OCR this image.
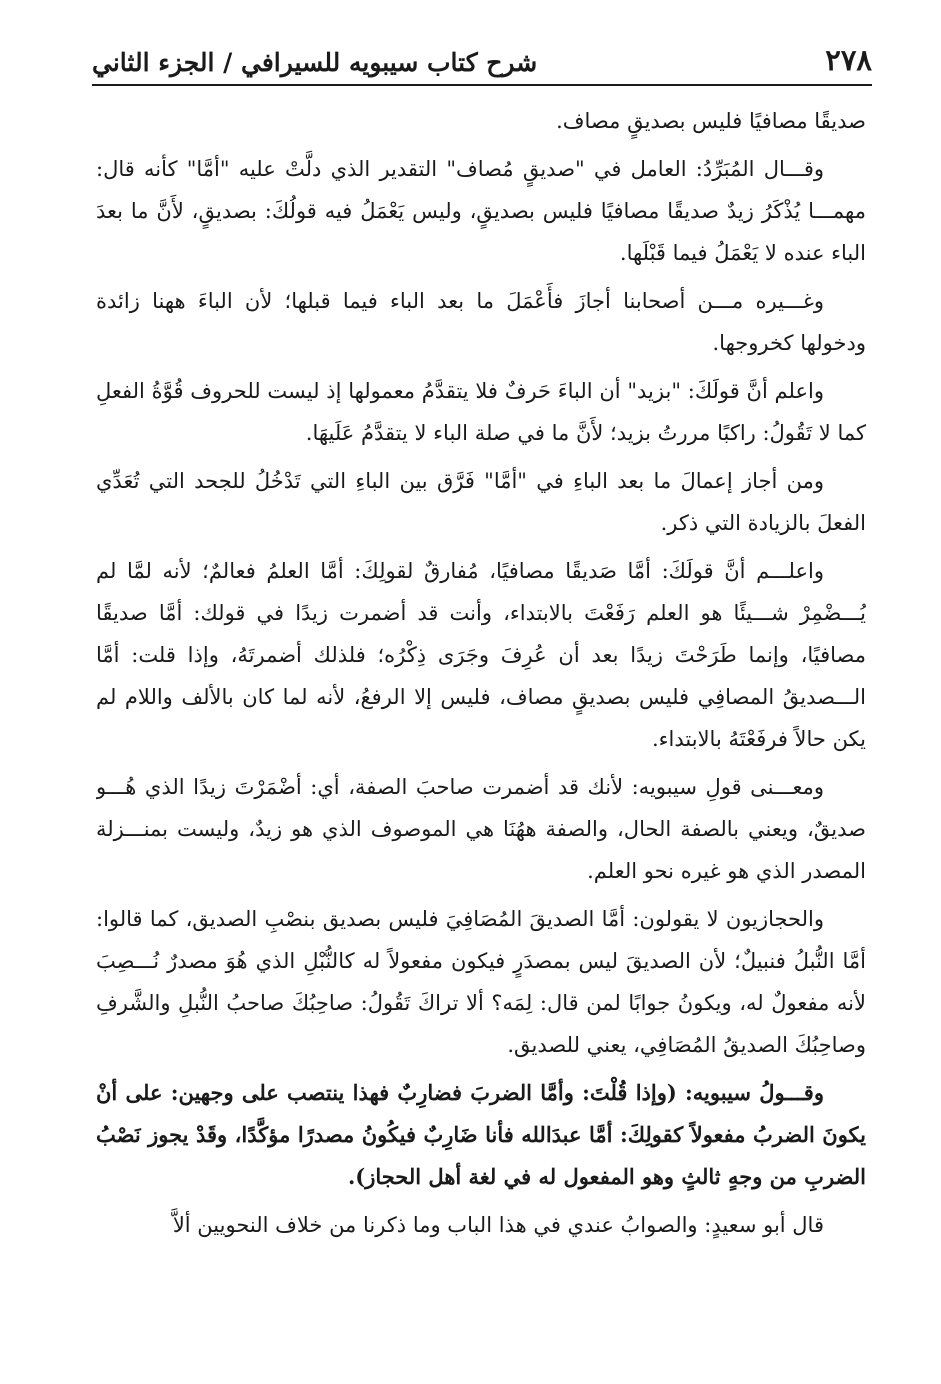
٢٧٨
شرح كتاب سيبويه للسيرافي / الجزء الثاني

صديقًا مصافيًا فليس بصديقٍ مصاف.

وقـــال المُبَرِّدُ: العامل في "صديقٍ مُصاف" التقدير الذي دلَّتْ عليه "أمَّا" كأنه قال: مهمـــا يُذْكَرُ زيدٌ صديقًا مصافيًا فليس بصديقٍ، وليس يَعْمَلُ فيه قولُكَ: بصديقٍ، لأَنَّ ما بعدَ الباء عنده لا يَعْمَلُ فيما قَبْلَها.

وغـــيره مـــن أصحابنا أجازَ فأَعْمَلَ ما بعد الباء فيما قبلها؛ لأن الباءَ ههنا زائدة ودخولها كخروجها.

واعلم أنَّ قولَكَ: "بزيد" أن الباءَ حَرفٌ فلا يتقدَّمُ معمولها إذ ليست للحروف قُوَّةُ الفعلِ كما لا تَقُولُ: راكبًا مررتُ بزيد؛ لأَنَّ ما في صلة الباء لا يتقدَّمُ عَلَيهَا.

ومن أجاز إعمالَ ما بعد الباءِ في "أمَّا" فَرَّق بين الباءِ التي تَدْخُلُ للجحد التي تُعَدِّي الفعلَ بالزيادة التي ذكر.

واعلـــم أنَّ قولَكَ: أمَّا صَديقًا مصافيًا، مُفارقٌ لقولِكَ: أمَّا العلمُ فعالمٌ؛ لأنه لمَّا لم يُـــضْمِرْ شـــيئًا هو العلم رَفَعْتَ بالابتداء، وأنت قد أضمرت زيدًا في قولك: أمَّا صديقًا مصافيًا، وإنما طَرَحْتَ زيدًا بعد أن عُرِفَ وجَرَى ذِكْرُه؛ فلذلك أضمرتَهُ، وإذا قلت: أمَّا الـــصديقُ المصافِي فليس بصديقٍ مصاف، فليس إلا الرفعُ، لأنه لما كان بالألف واللام لم يكن حالاً فرفَعْتَهُ بالابتداء.

ومعـــنى قولِ سيبويه: لأنك قد أضمرت صاحبَ الصفة، أي: أضْمَرْتَ زيدًا الذي هُـــو صديقٌ، ويعني بالصفة الحال، والصفة ههُنَا هي الموصوف الذي هو زيدٌ، وليست بمنـــزلة المصدر الذي هو غيره نحو العلم.

والحجازيون لا يقولون: أمَّا الصديقَ المُصَافِيَ فليس بصديق بنصْبِ الصديق، كما قالوا: أمَّا النُّبلُ فنبيلٌ؛ لأن الصديقَ ليس بمصدَرٍ فيكون مفعولاً له كالنُّبْلِ الذي هُوَ مصدرٌ نُـــصِبَ لأنه مفعولٌ له، ويكونُ جوابًا لمن قال: لِمَه؟ ألا تراكَ تَقُولُ: صاحِبُكَ صاحبُ النُّبلِ والشَّرفِ وصاحِبُكَ الصديقُ المُصَافِي، يعني للصديق.

وقـــولُ سيبويه: (وإذا قُلْتَ: وأمَّا الضربَ فضارِبٌ فهذا ينتصب على وجهين: على أنْ يكونَ الضربُ مفعولاً كقولِكَ: أمَّا عبدَالله فأنا ضَارِبٌ فيكُونُ مصدرًا مؤكَّدًا، وقَدْ يجوز نَصْبُ الضربِ من وجهٍ ثالثٍ وهو المفعول له في لغة أهل الحجاز).

قال أبو سعيدٍ: والصوابُ عندي في هذا الباب وما ذكرنا من خلاف النحويين ألاَّ
